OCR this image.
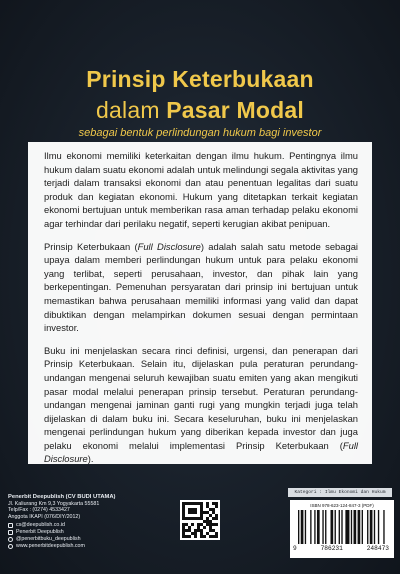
Prinsip Keterbukaan
dalam Pasar Modal
sebagai bentuk perlindungan hukum bagi investor

Ilmu ekonomi memiliki keterkaitan dengan ilmu hukum. Pentingnya ilmu hukum dalam suatu ekonomi adalah untuk melindungi segala aktivitas yang terjadi dalam transaksi ekonomi dan atau penentuan legalitas dari suatu produk dan kegiatan ekonomi. Hukum yang ditetapkan terkait kegiatan ekonomi bertujuan untuk memberikan rasa aman terhadap pelaku ekonomi agar terhindar dari perilaku negatif, seperti kerugian akibat penipuan.

Prinsip Keterbukaan (Full Disclosure) adalah salah satu metode sebagai upaya dalam memberi perlindungan hukum untuk para pelaku ekonomi yang terlibat, seperti perusahaan, investor, dan pihak lain yang berkepentingan. Pemenuhan persyaratan dari prinsip ini bertujuan untuk memastikan bahwa perusahaan memiliki informasi yang valid dan dapat dibuktikan dengan melampirkan dokumen sesuai dengan permintaan investor.

Buku ini menjelaskan secara rinci definisi, urgensi, dan penerapan dari Prinsip Keterbukaan. Selain itu, dijelaskan pula peraturan perundang-undangan mengenai seluruh kewajiban suatu emiten yang akan mengikuti pasar modal melalui penerapan prinsip tersebut. Peraturan perundang-undangan mengenai jaminan ganti rugi yang mungkin terjadi juga telah dijelaskan di dalam buku ini. Secara keseluruhan, buku ini menjelaskan mengenai perlindungan hukum yang diberikan kepada investor dan juga pelaku ekonomi melalui implementasi Prinsip Keterbukaan (Full Disclosure).

Penerbit Deepublish (CV BUDI UTAMA)
Jl. Kaliurang Km 9,3 Yogyakarta 55581
Telp/Fax : (0274) 4533427
Anggota IKAPI (076/DIY/2012)
cs@deepublish.co.id
Penerbit Deepublish
@penerbitbuku_deepublish
www.penerbitdeepublish.com
Kategori : Ilmu Ekonomi dan Hukum
ISBN 978-623-124-847-3 (PDF)
9	786231	248473
